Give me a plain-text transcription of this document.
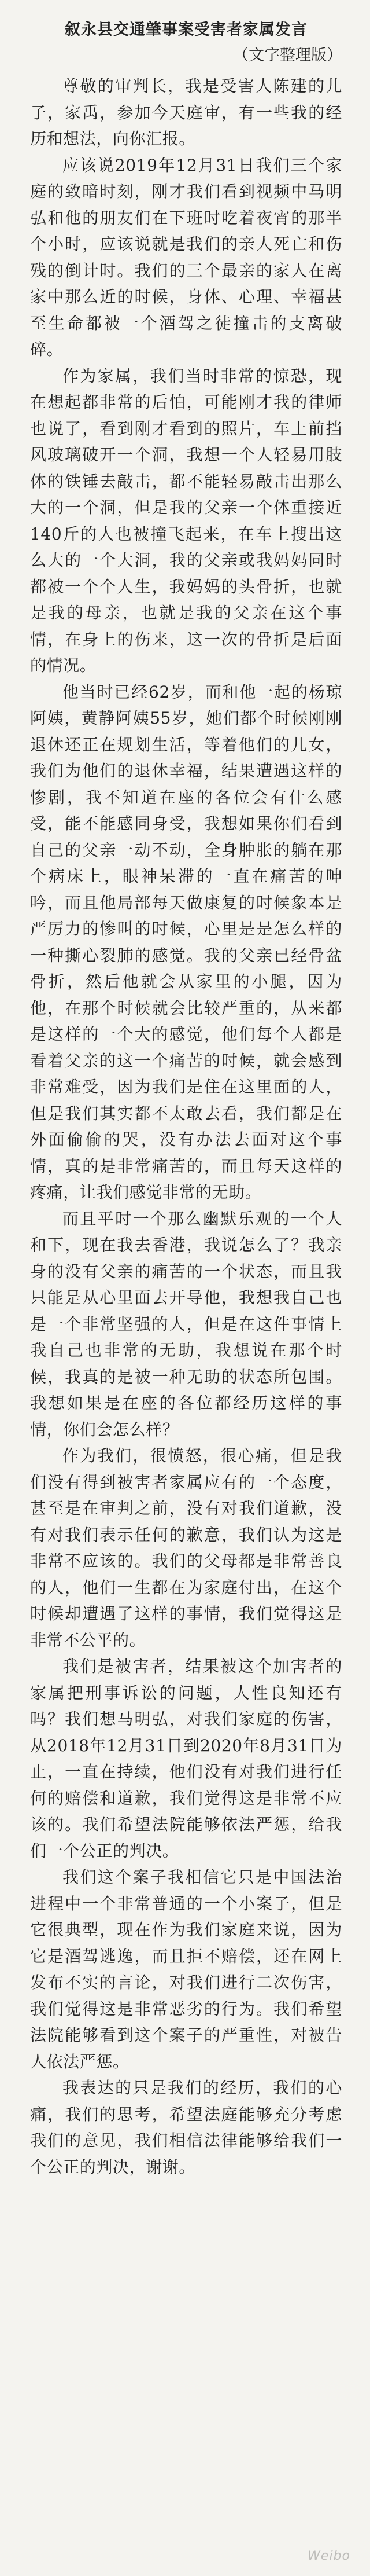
叙永县交通肇事案受害者家属发言
（文字整理版）

尊敬的审判长，我是受害人陈建的儿子，家禹，参加今天庭审，有一些我的经历和想法，向你汇报。

应该说2019年12月31日我们三个家庭的致暗时刻，刚才我们看到视频中马明弘和他的朋友们在下班时吃着夜宵的那半个小时，应该说就是我们的亲人死亡和伤残的倒计时。我们的三个最亲的家人在离家中那么近的时候，身体、心理、幸福甚至生命都被一个酒驾之徒撞击的支离破碎。

作为家属，我们当时非常的惊恐，现在想起都非常的后怕，可能刚才我的律师也说了，看到刚才看到的照片，车上前挡风玻璃破开一个洞，我想一个人轻易用肢体的铁锤去敲击，都不能轻易敲击出那么大的一个洞，但是我的父亲一个体重接近140斤的人也被撞飞起来，在车上搜出这么大的一个大洞，我的父亲或我妈妈同时都被一个个人生，我妈妈的头骨折，也就是我的母亲，也就是我的父亲在这个事情，在身上的伤来，这一次的骨折是后面的情况。

他当时已经62岁，而和他一起的杨琼阿姨，黄静阿姨55岁，她们都个时候刚刚退休还正在规划生活，等着他们的儿女，我们为他们的退休幸福，结果遭遇这样的惨剧，我不知道在座的各位会有什么感受，能不能感同身受，我想如果你们看到自己的父亲一动不动，全身肿胀的躺在那个病床上，眼神呆滞的一直在痛苦的呻吟，而且他局部每天做康复的时候象本是严厉力的惨叫的时候，心里是是怎么样的一种撕心裂肺的感觉。我的父亲已经骨盆骨折，然后他就会从家里的小腿，因为他，在那个时候就会比较严重的，从来都是这样的一个大的感觉，他们每个人都是看着父亲的这一个痛苦的时候，就会感到非常难受，因为我们是住在这里面的人，但是我们其实都不太敢去看，我们都是在外面偷偷的哭，没有办法去面对这个事情，真的是非常痛苦的，而且每天这样的疼痛，让我们感觉非常的无助。

而且平时一个那么幽默乐观的一个人和下，现在我去香港，我说怎么了？我亲身的没有父亲的痛苦的一个状态，而且我只能是从心里面去开导他，我想我自己也是一个非常坚强的人，但是在这件事情上我自己也非常的无助，我想说在那个时候，我真的是被一种无助的状态所包围。我想如果是在座的各位都经历这样的事情，你们会怎么样？

作为我们，很愤怒，很心痛，但是我们没有得到被害者家属应有的一个态度，甚至是在审判之前，没有对我们道歉，没有对我们表示任何的歉意，我们认为这是非常不应该的。我们的父母都是非常善良的人，他们一生都在为家庭付出，在这个时候却遭遇了这样的事情，我们觉得这是非常不公平的。

我们是被害者，结果被这个加害者的家属把刑事诉讼的问题，人性良知还有吗？我们想马明弘，对我们家庭的伤害，从2018年12月31日到2020年8月31日为止，一直在持续，他们没有对我们进行任何的赔偿和道歉，我们觉得这是非常不应该的。我们希望法院能够依法严惩，给我们一个公正的判决。

我们这个案子我相信它只是中国法治进程中一个非常普通的一个小案子，但是它很典型，现在作为我们家庭来说，因为它是酒驾逃逸，而且拒不赔偿，还在网上发布不实的言论，对我们进行二次伤害，我们觉得这是非常恶劣的行为。我们希望法院能够看到这个案子的严重性，对被告人依法严惩。

我表达的只是我们的经历，我们的心痛，我们的思考，希望法庭能够充分考虑我们的意见，我们相信法律能够给我们一个公正的判决，谢谢。

Weibo
